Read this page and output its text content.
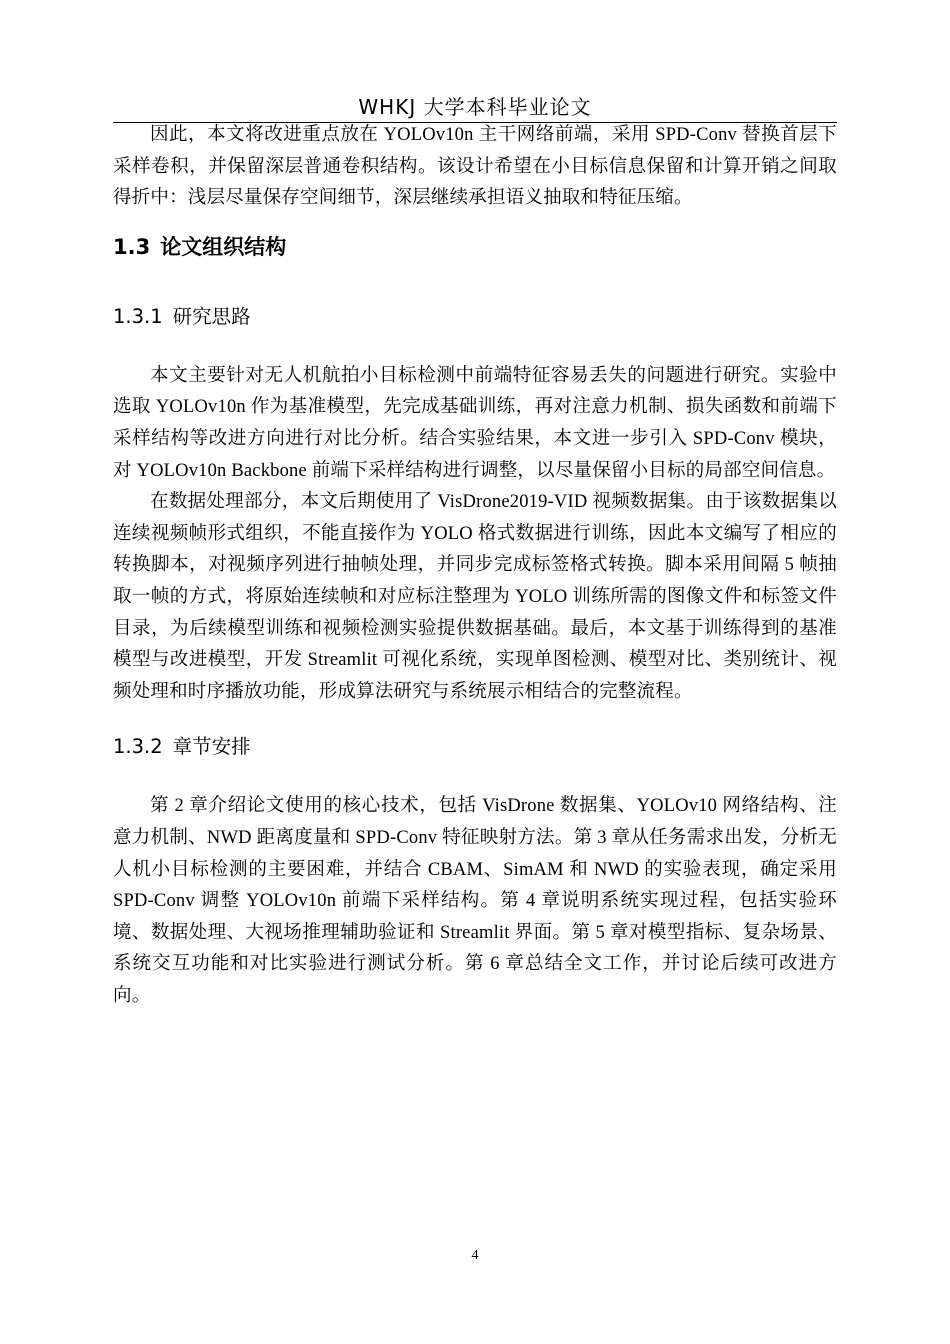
WHKJ 大学本科毕业论文

因此，本文将改进重点放在 YOLOv10n 主干网络前端，采用 SPD-Conv 替换首层下采样卷积，并保留深层普通卷积结构。该设计希望在小目标信息保留和计算开销之间取得折中：浅层尽量保存空间细节，深层继续承担语义抽取和特征压缩。

1.3 论文组织结构
1.3.1 研究思路

本文主要针对无人机航拍小目标检测中前端特征容易丢失的问题进行研究。实验中选取 YOLOv10n 作为基准模型，先完成基础训练，再对注意力机制、损失函数和前端下采样结构等改进方向进行对比分析。结合实验结果，本文进一步引入 SPD-Conv 模块，对 YOLOv10n Backbone 前端下采样结构进行调整，以尽量保留小目标的局部空间信息。

在数据处理部分，本文后期使用了 VisDrone2019-VID 视频数据集。由于该数据集以连续视频帧形式组织，不能直接作为 YOLO 格式数据进行训练，因此本文编写了相应的转换脚本，对视频序列进行抽帧处理，并同步完成标签格式转换。脚本采用间隔 5 帧抽取一帧的方式，将原始连续帧和对应标注整理为 YOLO 训练所需的图像文件和标签文件目录，为后续模型训练和视频检测实验提供数据基础。最后，本文基于训练得到的基准模型与改进模型，开发 Streamlit 可视化系统，实现单图检测、模型对比、类别统计、视频处理和时序播放功能，形成算法研究与系统展示相结合的完整流程。

1.3.2 章节安排

第 2 章介绍论文使用的核心技术，包括 VisDrone 数据集、YOLOv10 网络结构、注意力机制、NWD 距离度量和 SPD-Conv 特征映射方法。第 3 章从任务需求出发，分析无人机小目标检测的主要困难，并结合 CBAM、SimAM 和 NWD 的实验表现，确定采用 SPD-Conv 调整 YOLOv10n 前端下采样结构。第 4 章说明系统实现过程，包括实验环境、数据处理、大视场推理辅助验证和 Streamlit 界面。第 5 章对模型指标、复杂场景、系统交互功能和对比实验进行测试分析。第 6 章总结全文工作，并讨论后续可改进方向。

4
